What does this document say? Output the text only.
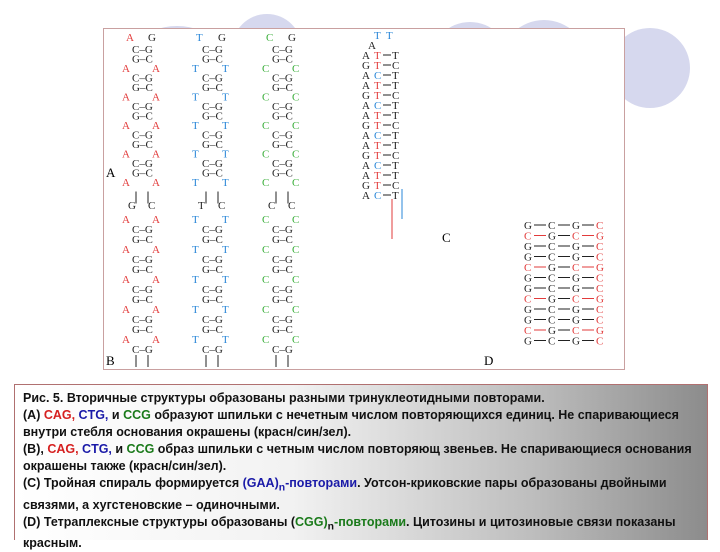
A
B
C
D
A G
C–G
G–C
A A
C–G
G–C
A A
C–G
G–C
A A
C–G
G–C
A A
C–G
G–C
A A
T G
C–G
G–C
T T
C–G
G–C
T T
C–G
G–C
T T
C–G
G–C
T T
C–G
G–C
T T
C G
C–G
G–C
C C
C–G
G–C
C C
C–G
G–C
C C
C–G
G–C
C C
C–G
G–C
C C
G C
A A
C–G
G–C
A A
C–G
G–C
A A
C–G
G–C
A A
C–G
G–C
A A
C–G
T C
T T
C–G
G–C
T T
C–G
G–C
T T
C–G
G–C
T T
C–G
G–C
T T
C–G
C C
C C
C–G
G–C
C C
C–G
G–C
C C
C–G
G–C
C C
C–G
G–C
C C
C–G
A
A T T
G T C
A C T
A T T
G T C
A C T
A T T
G T C
A C T
A T T
G T C
A C T
A T T
G T C
A C T
T T
G C G C
C G C G
G C G C
G C G C
C G C G
G C G C
G C G C
C G C G
G C G C
G C G C
C G C G
G C G C

Рис. 5. Вторичные структуры образованы разными тринуклеотидными повторами.

(A) CAG, CTG, и CCG образуют шпильки с нечетным числом повторяющихся единиц. Не спаривающиеся внутри стебля основания окрашены (красн/син/зел).

(B), CAG, CTG, и CCG образ шпильки с четным числом повторяющ звеньев. Не спаривающиеся основания окрашены также (красн/син/зел).

(C) Тройная спираль формируется $(GAA)_n$-повторами. Уотсон-криковские пары образованы двойными связями, а хугстеновские – одиночными.

(D) Тетраплексные структуры образованы $(CGG)_n$-повторами. Цитозины и цитозиновые связи показаны красным.
